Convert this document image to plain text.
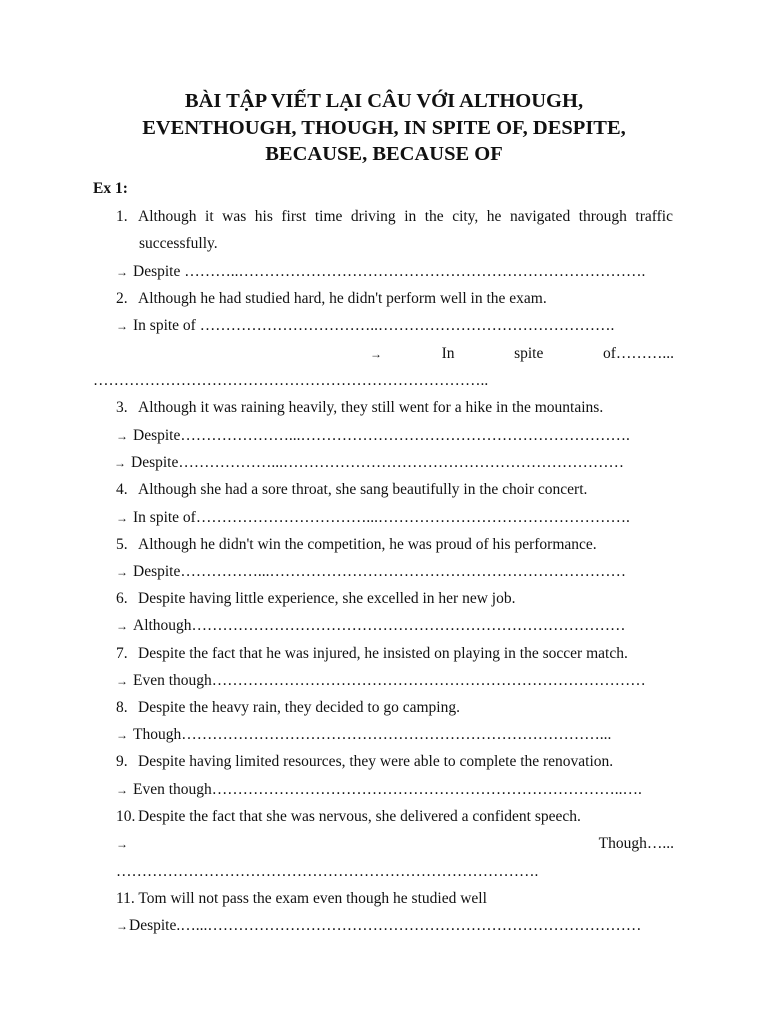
BÀI TẬP VIẾT LẠI CÂU VỚI ALTHOUGH,
EVENTHOUGH, THOUGH, IN SPITE OF, DESPITE,
BECAUSE, BECAUSE OF
Ex 1:
1. Although it was his first time driving in the city, he navigated through traffic
successfully.
→ Despite ………..…………………………………………………………………….
2. Although he had studied hard, he didn't perform well in the exam.
→ In spite of ……………………………..……………………………………….
→	In	spite	of………...
…………………………………………………………………..
3. Although it was raining heavily, they still went for a hike in the mountains.
→ Despite…………………...……………………………………………………….
→ Despite………………...…………………………………………………………
4. Although she had a sore throat, she sang beautifully in the choir concert.
→ In spite of……………………………...………………………………………….
5. Although he didn't win the competition, he was proud of his performance.
→ Despite……………...……………………………………………………………
6. Despite having little experience, she excelled in her new job.
→ Although…………………………………………………………………………
7. Despite the fact that he was injured, he insisted on playing in the soccer match.
→ Even though…………………………………………………………………………
8. Despite the heavy rain, they decided to go camping.
→ Though………………………………………………………………………...
9. Despite having limited resources, they were able to complete the renovation.
→ Even though……………………………………………………………………..….
10. Despite the fact that she was nervous, she delivered a confident speech.
→	Though…...
……………………………………………………………………….
11. Tom will not pass the exam even though he studied well
→ Despite.…...…………………………………………………………………………
